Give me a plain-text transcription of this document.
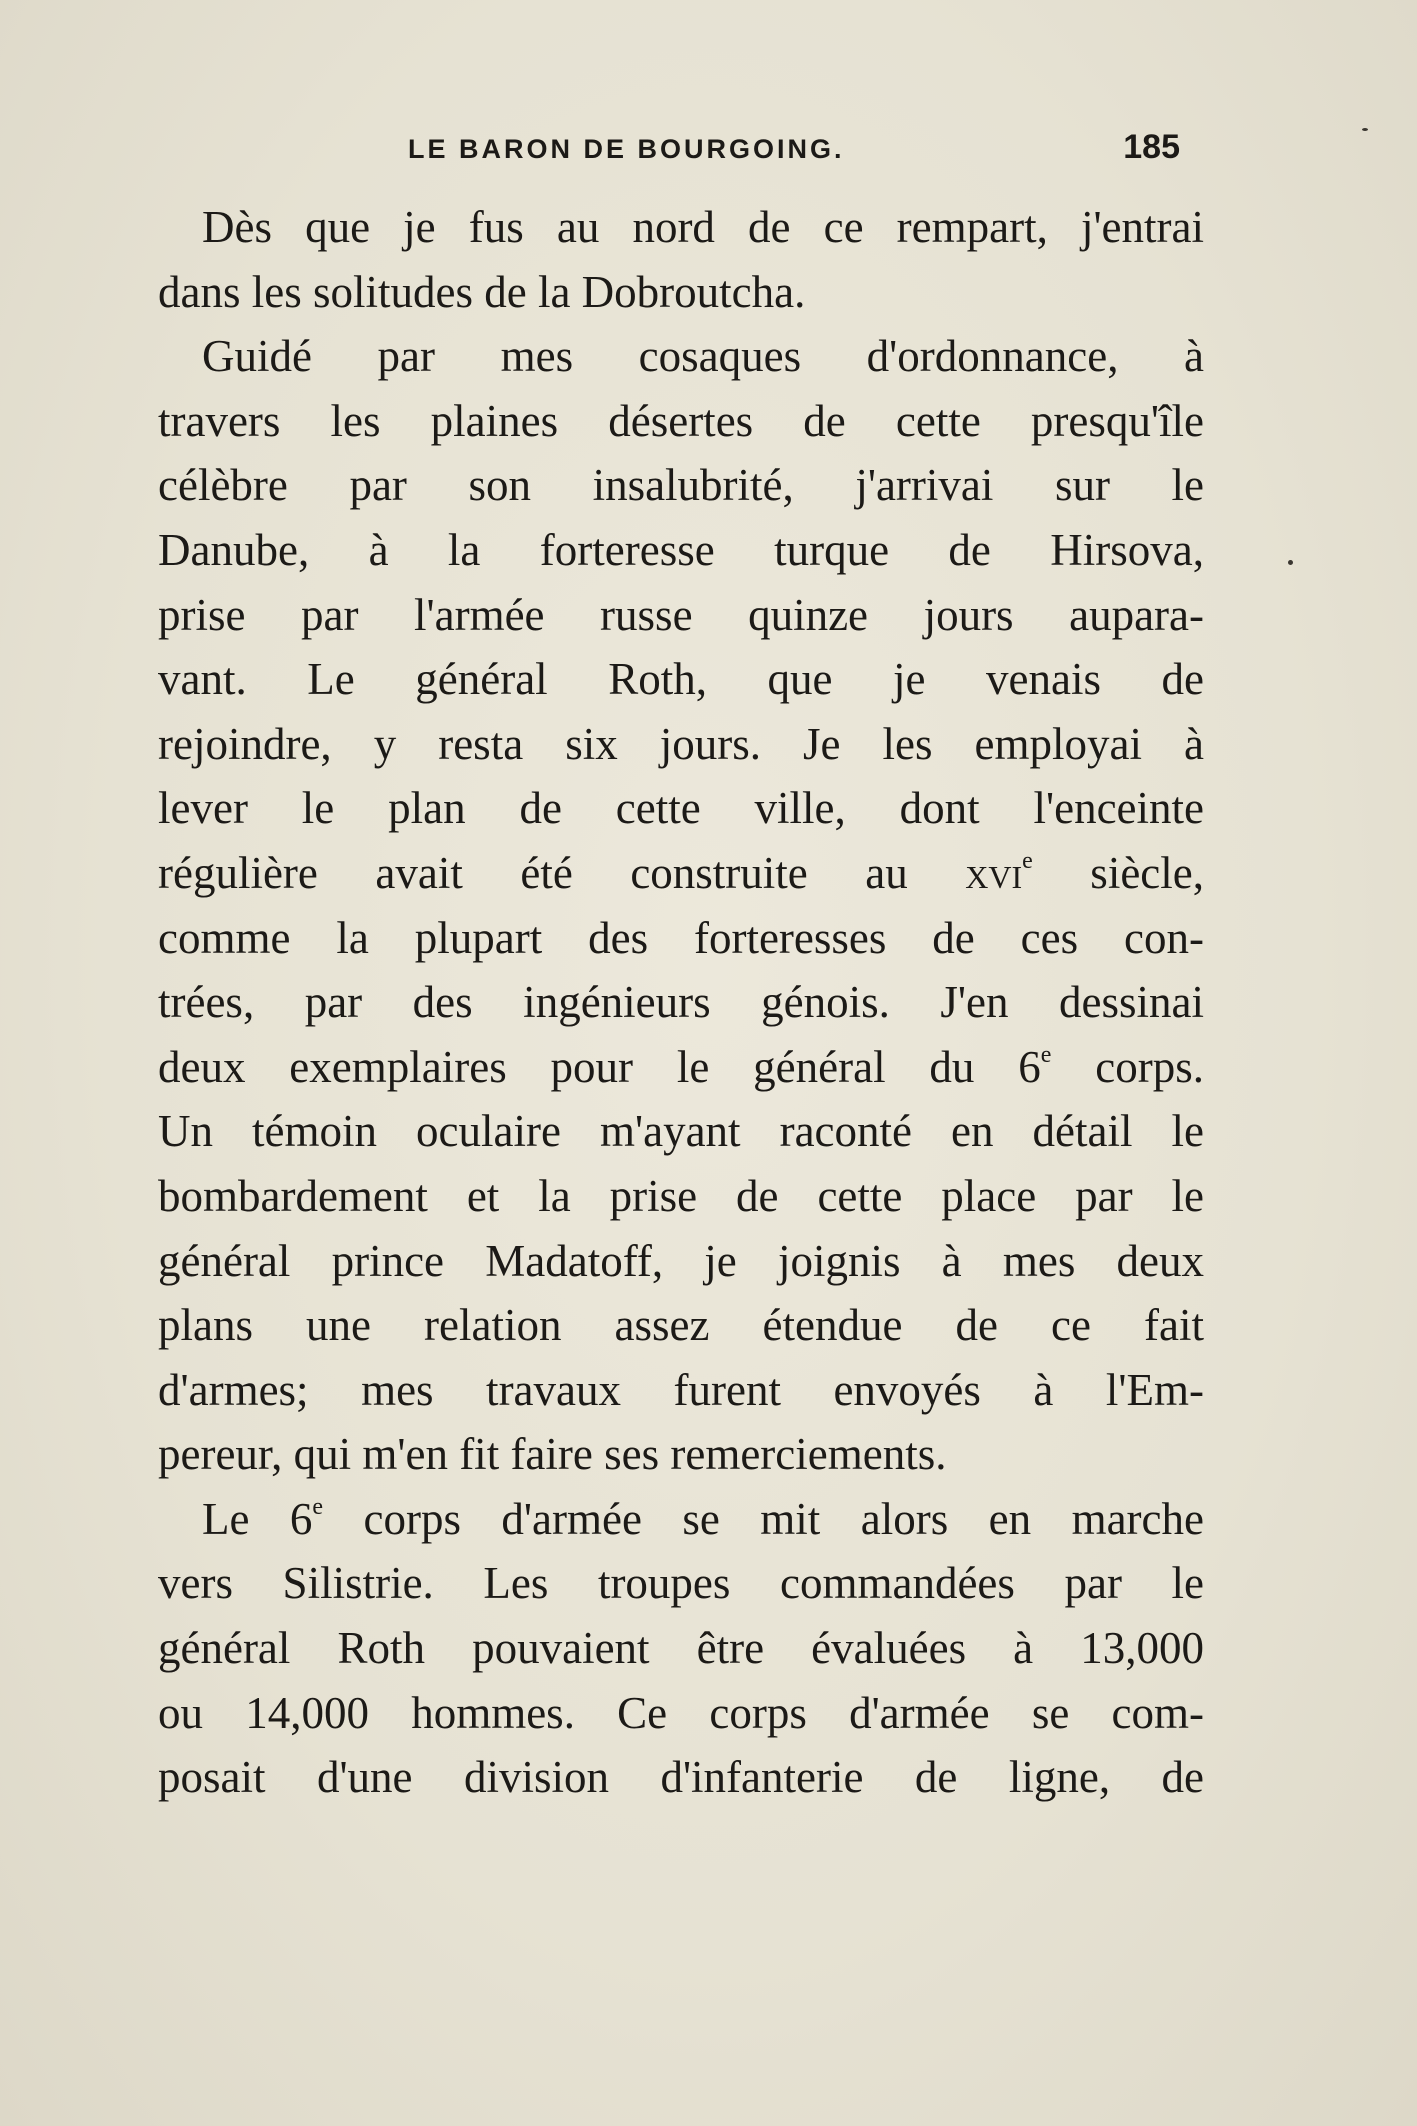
LE BARON DE BOURGOING.	185
Dès que je fus au nord de ce rempart, j'entrai
dans les solitudes de la Dobroutcha.
Guidé par mes cosaques d'ordonnance, à
travers les plaines désertes de cette presqu'île
célèbre par son insalubrité, j'arrivai sur le
Danube, à la forteresse turque de Hirsova,
prise par l'armée russe quinze jours aupara-
vant. Le général Roth, que je venais de
rejoindre, y resta six jours. Je les employai à
lever le plan de cette ville, dont l'enceinte
régulière avait été construite au xvi$^e$ siècle,
comme la plupart des forteresses de ces con-
trées, par des ingénieurs génois. J'en dessinai
deux exemplaires pour le général du 6e corps.
Un témoin oculaire m'ayant raconté en détail le
bombardement et la prise de cette place par le
général prince Madatoff, je joignis à mes deux
plans une relation assez étendue de ce fait
d'armes; mes travaux furent envoyés à l'Em-
pereur, qui m'en fit faire ses remerciements.
Le 6e corps d'armée se mit alors en marche
vers Silistrie. Les troupes commandées par le
général Roth pouvaient être évaluées à 13,000
ou 14,000 hommes. Ce corps d'armée se com-
posait d'une division d'infanterie de ligne, de
